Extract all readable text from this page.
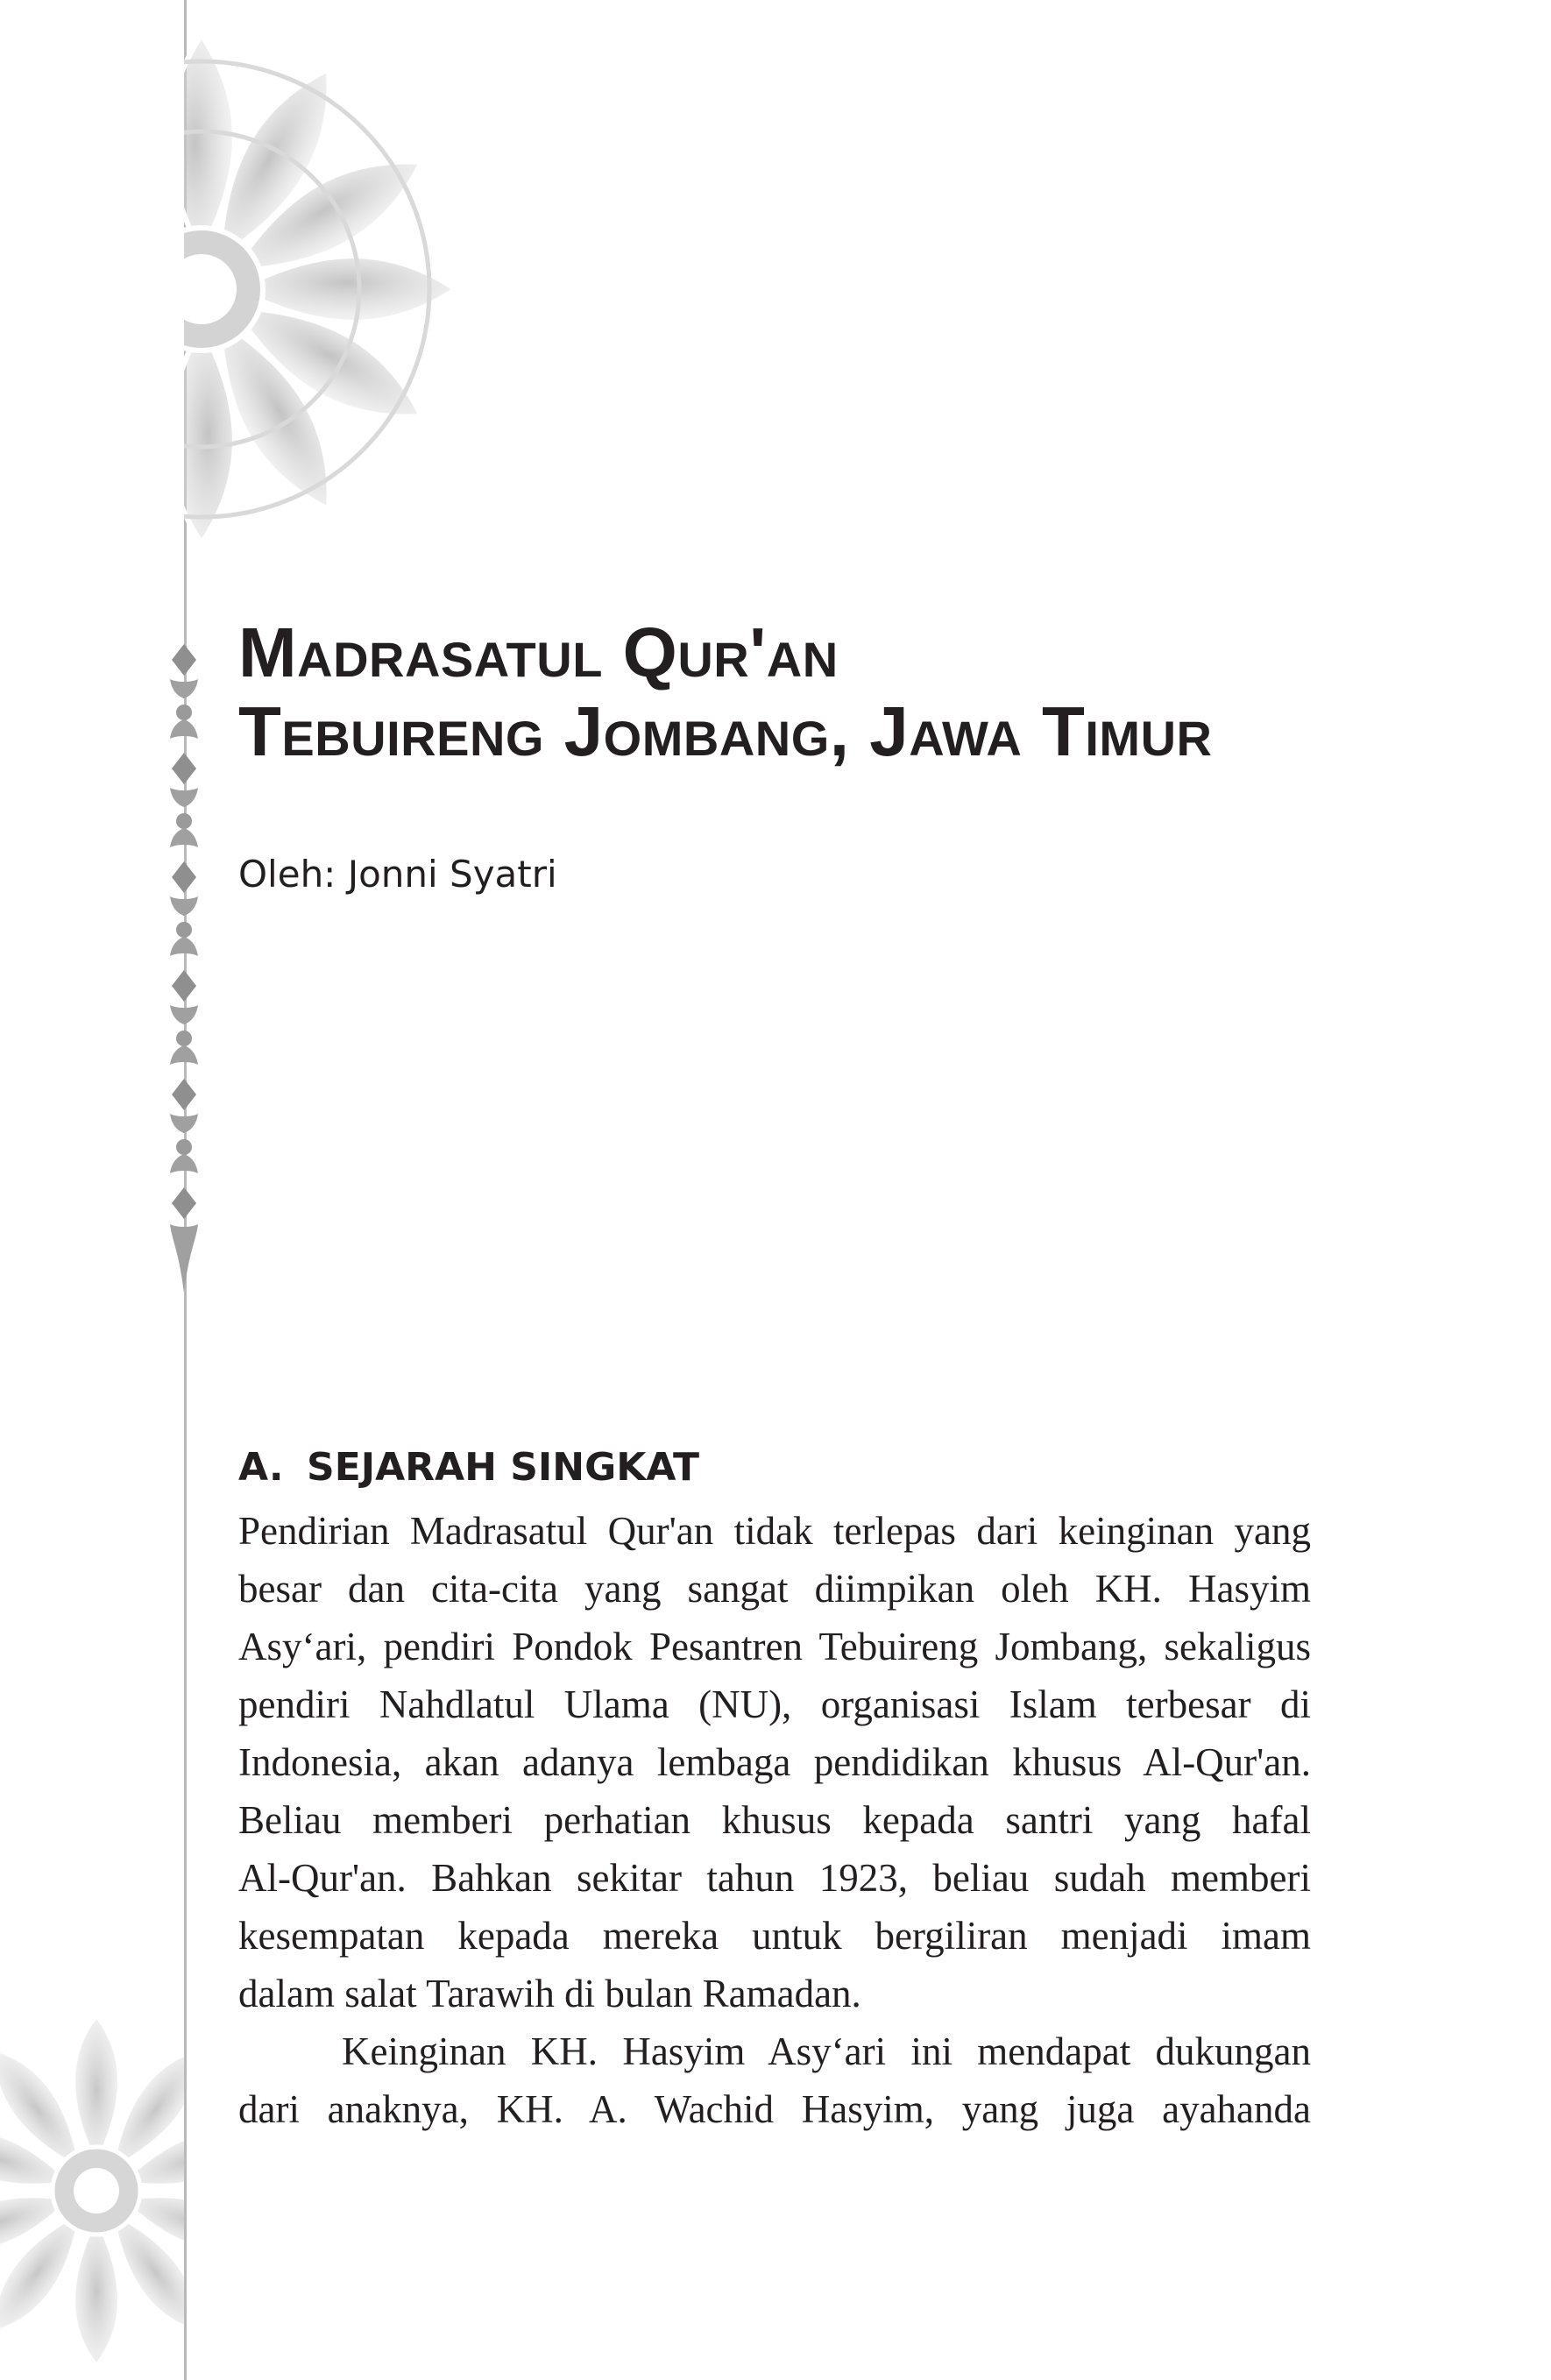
Madrasatul Qur'an
Tebuireng Jombang, Jawa Timur
Oleh: Jonni Syatri
A. SEJARAH SINGKAT
Pendirian Madrasatul Qur'an tidak terlepas dari keinginan yang
besar dan cita-cita yang sangat diimpikan oleh KH. Hasyim
Asy‘ari, pendiri Pondok Pesantren Tebuireng Jombang, sekaligus
pendiri Nahdlatul Ulama (NU), organisasi Islam terbesar di
Indonesia, akan adanya lembaga pendidikan khusus Al-Qur'an.
Beliau memberi perhatian khusus kepada santri yang hafal
Al-Qur'an. Bahkan sekitar tahun 1923, beliau sudah memberi
kesempatan kepada mereka untuk bergiliran menjadi imam
dalam salat Tarawih di bulan Ramadan.
Keinginan KH. Hasyim Asy‘ari ini mendapat dukungan
dari anaknya, KH. A. Wachid Hasyim, yang juga ayahanda
